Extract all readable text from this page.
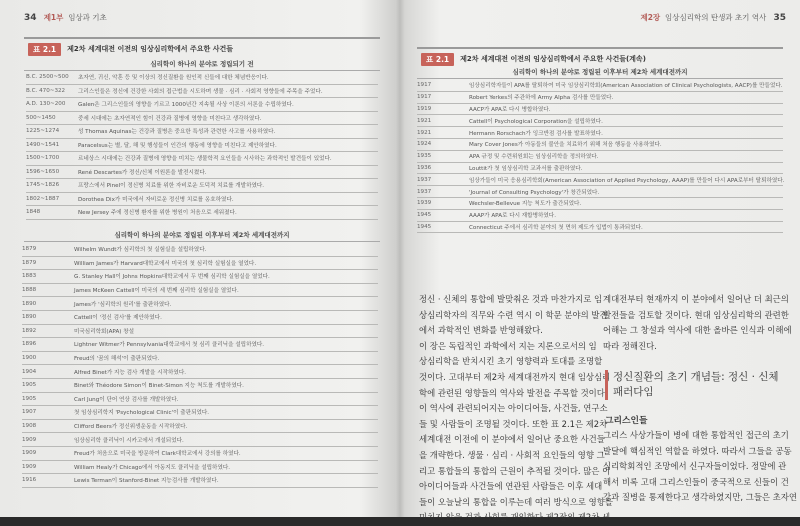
34 제1부 임상과 기초
표 2.1	제2차 세계대전 이전의 임상심리학에서 주요한 사건들
심리학이 하나의 분야로 정립되기 전
B.C. 2500~500	초자연, 귀신, 악혼 등 및 이상의 정신질환을 원인적 신들에 대한 체념반응이다.
B.C. 470~322	그리스인들은 정신에 건강한 사회의 접근법을 시도하며 생물 · 심리 · 사회적 영향들에 주목을 주었다.
A.D. 130~200	Galen은 그리스인들의 영향을 기르고 1000년간 지속될 사상 이론의 서론을 수립하였다.
500~1450	중세 시대에는 초자연적인 힘이 건강과 질병에 영향을 미친다고 생각하였다.
1225~1274	성 Thomas Aquinas는 건강과 질병은 중요한 특성과 관련한 사고를 사용하였다.
1490~1541	Paracelsus는 별, 달, 해 및 행성들이 인간의 행동에 영향을 미친다고 제안하였다.
1500~1700	르네상스 시대에는 건강과 질병에 영향을 미치는 생물학적 요인들을 시사하는 과학적인 발견들이 있었다.
1596~1650	René Descartes가 정신/신체 이원론을 발전시켰다.
1745~1826	프랑스에서 Pinel이 정신병 치료를 위한 자비로운 도덕적 치료를 개발하였다.
1802~1887	Dorothea Dix가 미국에서 자비로운 정신병 치료를 옹호하였다.
1848	New Jersey 주에 정신병 환자를 위한 병원이 처음으로 세워졌다.
심리학이 하나의 분야로 정립된 이후부터 제2차 세계대전까지
1879	Wilhelm Wundt가 심리학의 첫 실험실을 설립하였다.
1879	William James가 Harvard대학교에서 미국의 첫 심리학 실험실을 열었다.
1883	G. Stanley Hall이 Johns Hopkins대학교에서 두 번째 심리학 실험실을 열었다.
1888	James McKeen Cattell이 미국의 세 번째 심리학 실험실을 열었다.
1890	James가 '심리학의 원리'를 출판하였다.
1890	Cattell이 '정신 검사'를 제안하였다.
1892	미국심리학회(APA) 창설
1896	Lightner Witmer가 Pennsylvania대학교에서 첫 심리 클리닉을 설립하였다.
1900	Freud의 '꿈의 해석'이 출판되었다.
1904	Alfred Binet가 지능 검사 개발을 시작하였다.
1905	Binet와 Théodore Simon이 Binet-Simon 지능 척도를 개발하였다.
1905	Carl Jung이 단어 연상 검사를 개발하였다.
1907	첫 임상심리학지 'Psychological Clinic'이 출판되었다.
1908	Clifford Beers가 정신위생운동을 시작하였다.
1909	임상심리학 클리닉이 시카고에서 개설되었다.
1909	Freud가 처음으로 미국을 방문하여 Clark대학교에서 강의를 하였다.
1909	William Healy가 Chicago에서 아동지도 클리닉을 설립하였다.
1916	Lewis Terman이 Stanford-Binet 지능검사를 개발하였다.
제2장 임상심리학의 탄생과 초기 역사 35
표 2.1	제2차 세계대전 이전의 임상심리학에서 주요한 사건들(계속)
심리학이 하나의 분야로 정립된 이후부터 제2차 세계대전까지
1917	임상심리학자들이 APA를 탈퇴하여 미국 임상심리학회(American Association of Clinical Psychologists, AACP)를 만들었다.
1917	Robert Yerkes의 주관하에 Army Alpha 검사를 만들었다.
1919	AACP가 APA로 다시 병합하였다.
1921	Cattell이 Psychological Corporation을 설립하였다.
1921	Hermann Rorschach가 잉크반점 검사를 발표하였다.
1924	Mary Cover Jones가 아동들의 불안을 치료하기 위해 처음 행동을 사용하였다.
1935	APA 규정 및 수련위원회는 임상심리학을 정의하였다.
1936	Louttit가 첫 임상심리학 교과서를 출판하였다.
1937	임상가들이 미국 응용심리학회(American Association of Applied Psychology, AAAP)를 만들어 다시 APA로부터 탈퇴하였다.
1937	'Journal of Consulting Psychology'가 창간되었다.
1939	Wechsler-Bellevue 지능 척도가 출간되었다.
1945	AAAP가 APA로 다시 재합병하였다.
1945	Connecticut 주에서 심리학 분야의 첫 면허 제도가 입법이 통과되었다.
정신 · 신체의 통합에 발맞춰온 것과 마찬가지로 임
상심리학자의 직무와 수련 역시 이 학문 분야의 발전
에서 과학적인 변화를 반영해왔다.
이 장은 독립적인 과학에서 지는 지론으로서의 임
상심리학을 반치시킨 초기 영향력과 토대를 조명할
것이다. 고대부터 제2차 세계대전까지 현대 임상심리
학에 관련된 영향들의 역사와 발전을 주목할 것이다.
이 역사에 관련되어지는 아이디어들, 사건들, 연구소
들 및 사람들이 조명될 것이다. 또한 표 2.1은 제2차
세계대전 이전에 이 분야에서 일어난 중요한 사건들
을 개략한다. 생물 · 심리 · 사회적 요인들의 영향 그
리고 통합들의 통합의 근원이 추적될 것이다. 많은 이
아이디어들과 사건들에 연관된 사람들은 이후 세대
들이 오늘날의 통합을 이루는데 여러 방식으로 영향을
미치지 않을 것과 사회를 개입한다 제2장의 제2차 세
계대전부터 현재까지 이 분야에서 일어난 더 최근의
발전들을 검토할 것이다. 현대 임상심리학의 관련한
어해는 그 창설과 역사에 대한 올바른 인식과 이해에
따라 정해진다.
정신질환의 초기 개념들: 정신 · 신체
패러다임
그리스인들
그리스 사상가들이 병에 대한 통합적인 접근의 초기
발달에 핵심적인 역할을 하였다. 따라서 그들을 공동
심리학회적인 조망에서 신구자들이었다. 정말에 관
해서 비록 고대 그리스인들이 중국적으로 신들이 건
강과 질병을 통제한다고 생각하였지만, 그들은 초자연
